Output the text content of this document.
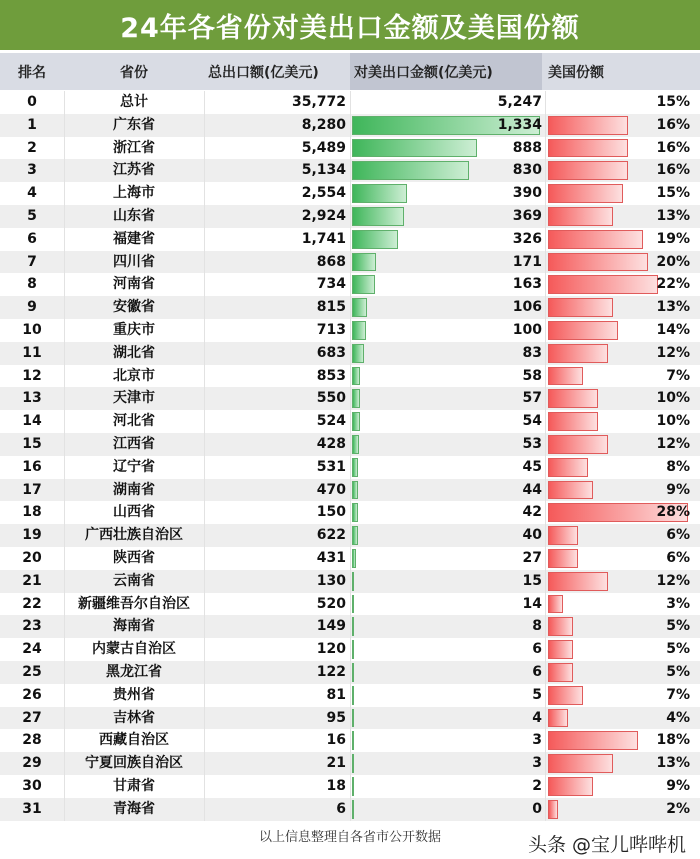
24年各省份对美出口金额及美国份额
排名	省份	总出口额(亿美元)	对美出口金额(亿美元)	美国份额
0	总计	35,772	5,247	15%
1	广东省	8,280	1,334	16%
2	浙江省	5,489	888	16%
3	江苏省	5,134	830	16%
4	上海市	2,554	390	15%
5	山东省	2,924	369	13%
6	福建省	1,741	326	19%
7	四川省	868	171	20%
8	河南省	734	163	22%
9	安徽省	815	106	13%
10	重庆市	713	100	14%
11	湖北省	683	83	12%
12	北京市	853	58	7%
13	天津市	550	57	10%
14	河北省	524	54	10%
15	江西省	428	53	12%
16	辽宁省	531	45	8%
17	湖南省	470	44	9%
18	山西省	150	42	28%
19	广西壮族自治区	622	40	6%
20	陕西省	431	27	6%
21	云南省	130	15	12%
22	新疆维吾尔自治区	520	14	3%
23	海南省	149	8	5%
24	内蒙古自治区	120	6	5%
25	黑龙江省	122	6	5%
26	贵州省	81	5	7%
27	吉林省	95	4	4%
28	西藏自治区	16	3	18%
29	宁夏回族自治区	21	3	13%
30	甘肃省	18	2	9%
31	青海省	6	0	2%
以上信息整理自各省市公开数据	头条 @宝儿哔哔机
